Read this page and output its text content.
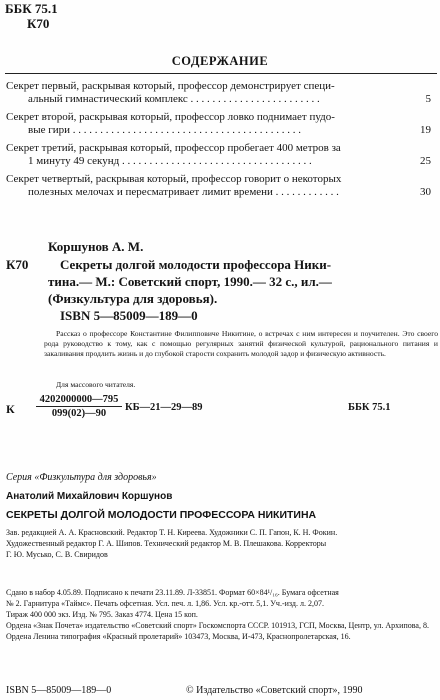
ББК 75.1
К70
СОДЕРЖАНИЕ
Секрет первый, раскрывая который, профессор демонстрирует специ-
альный гимнастический комплекс . . . . . . . . . . . . . . . . . . . . . . . .	5
Секрет второй, раскрывая который, профессор ловко поднимает пудо-
вые гири . . . . . . . . . . . . . . . . . . . . . . . . . . . . . . . . . . . . . . . . . .	19
Секрет третий, раскрывая который, профессор пробегает 400 метров за
1 минуту 49 секунд . . . . . . . . . . . . . . . . . . . . . . . . . . . . . . . . . . .	25
Секрет четвертый, раскрывая который, профессор говорит о некоторых
полезных мелочах и пересматривает лимит времени . . . . . . . . . . . .	30
Коршунов А. М.
К70	Секреты долгой молодости профессора Ники-
тина.— М.: Советский спорт, 1990.— 32 с., ил.—
(Физкультура для здоровья).
ISBN 5—85009—189—0
Рассказ о профессоре Константине Филипповиче Никитине, о встречах с ним интересен и поучителен. Это своего рода руководство к тому, как с помощью регулярных занятий физической культурой, рационального питания и закаливания продлить жизнь и до глубокой старости сохранить молодой задор и физическую активность.
Для массового читателя.
К $\frac{4202000000—795}{099(02)—90}$ КБ—21—29—89	ББК 75.1
Серия «Физкультура для здоровья»
Анатолий Михайлович Коршунов
СЕКРЕТЫ ДОЛГОЙ МОЛОДОСТИ ПРОФЕССОРА НИКИТИНА
Зав. редакцией А. А. Красновский. Редактор Т. Н. Киреева. Художники С. П. Гапон, К. Н. Фокин.
Художественный редактор Г. А. Шипов. Технический редактор М. В. Плешакова. Корректоры
Г. Ю. Мусько, С. В. Свиридов
Сдано в набор 4.05.89. Подписано к печати 23.11.89. Л-33851. Формат 60×84¹/₁₆. Бумага офсетная
№ 2. Гарнитура «Таймс». Печать офсетная. Усл. печ. л. 1,86. Усл. кр.-отт. 5,1. Уч.-изд. л. 2,07.
Тираж 400 000 экз. Изд. № 795. Заказ 4774. Цена 15 коп.
Ордена «Знак Почета» издательство «Советский спорт» Госкомспорта СССР. 101913, ГСП, Москва, Центр, ул. Архипова, 8.
Ордена Ленина типография «Красный пролетарий» 103473, Москва, И-473, Краснопролетарская, 16.
ISBN 5—85009—189—0	© Издательство «Советский спорт», 1990
